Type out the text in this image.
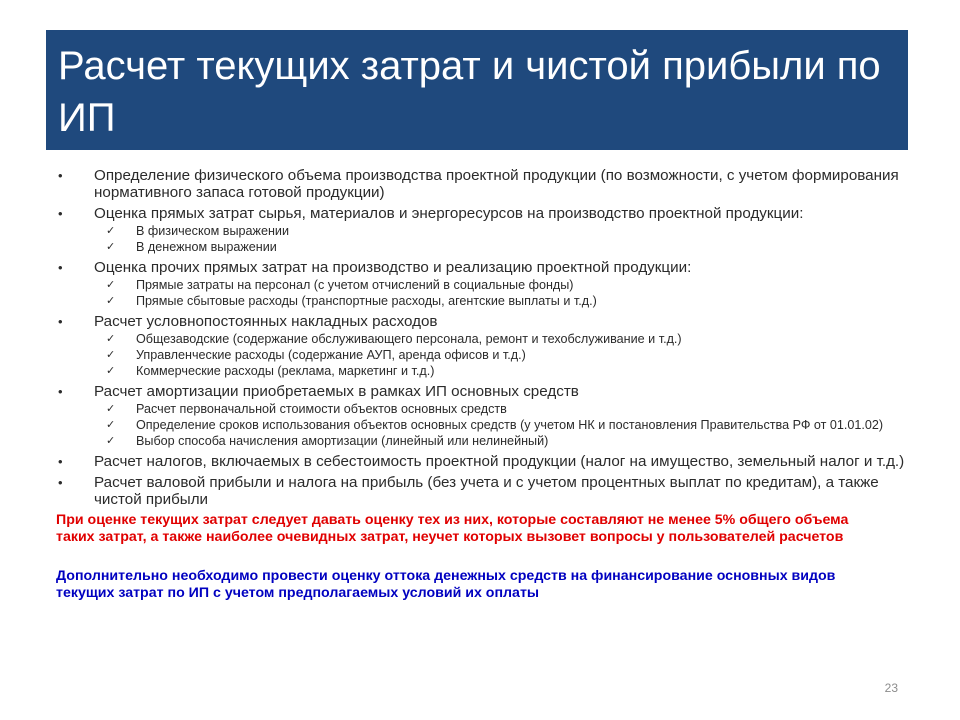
Расчет текущих затрат и чистой прибыли по ИП
• Определение физического объема производства проектной продукции (по возможности, с учетом формирования нормативного запаса готовой продукции)
• Оценка прямых затрат сырья, материалов и энергоресурсов на производство проектной продукции:
✓ В физическом выражении
✓ В денежном выражении
• Оценка прочих прямых затрат на производство и реализацию проектной продукции:
✓ Прямые затраты на персонал (с учетом отчислений в социальные фонды)
✓ Прямые сбытовые расходы (транспортные расходы, агентские выплаты и т.д.)
• Расчет условнопостоянных накладных расходов
✓ Общезаводские (содержание обслуживающего персонала, ремонт и техобслуживание и т.д.)
✓ Управленческие расходы (содержание АУП, аренда офисов и т.д.)
✓ Коммерческие расходы (реклама, маркетинг и т.д.)
• Расчет амортизации приобретаемых в рамках ИП основных средств
✓ Расчет первоначальной стоимости объектов основных средств
✓ Определение сроков использования объектов основных средств (у учетом НК и постановления Правительства РФ от 01.01.02)
✓ Выбор способа начисления амортизации (линейный или нелинейный)
• Расчет налогов, включаемых в себестоимость проектной продукции (налог на имущество, земельный налог и т.д.)
• Расчет валовой прибыли и налога на прибыль (без учета и с учетом процентных выплат по кредитам), а также чистой прибыли
При оценке текущих затрат следует давать оценку тех из них, которые составляют не менее 5% общего объема таких затрат, а также наиболее очевидных затрат, неучет которых вызовет вопросы у пользователей расчетов
Дополнительно необходимо провести оценку оттока денежных средств на финансирование основных видов текущих затрат по ИП с учетом предполагаемых условий их оплаты
23
